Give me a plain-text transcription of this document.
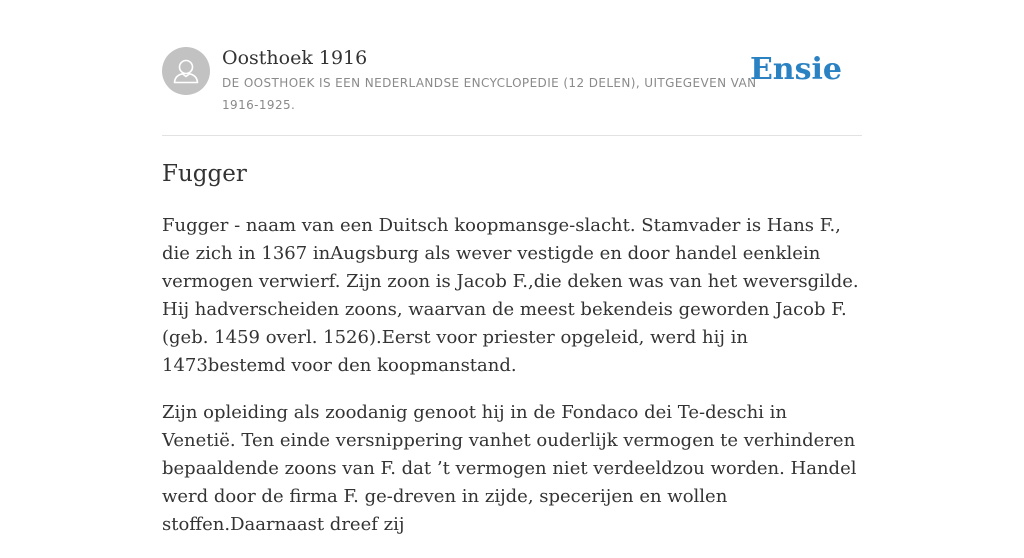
Oosthoek 1916
DE OOSTHOEK IS EEN NEDERLANDSE ENCYCLOPEDIE (12 DELEN), UITGEGEVEN VAN 1916-1925.
Ensie
Fugger

Fugger - naam van een Duitsch koopmansge-slacht. Stamvader is Hans F., die zich in 1367 inAugsburg als wever vestigde en door handel eenklein vermogen verwierf. Zijn zoon is Jacob F.,die deken was van het weversgilde. Hij hadverscheiden zoons, waarvan de meest bekendeis geworden Jacob F. (geb. 1459 overl. 1526).Eerst voor priester opgeleid, werd hij in 1473bestemd voor den koopmanstand.

Zijn opleiding als zoodanig genoot hij in de Fondaco dei Te-deschi in Venetië. Ten einde versnippering vanhet ouderlijk vermogen te verhinderen bepaaldende zoons van F. dat ’t vermogen niet verdeeldzou worden. Handel werd door de firma F. ge-dreven in zijde, specerijen en wollen stoffen.Daarnaast dreef zij
